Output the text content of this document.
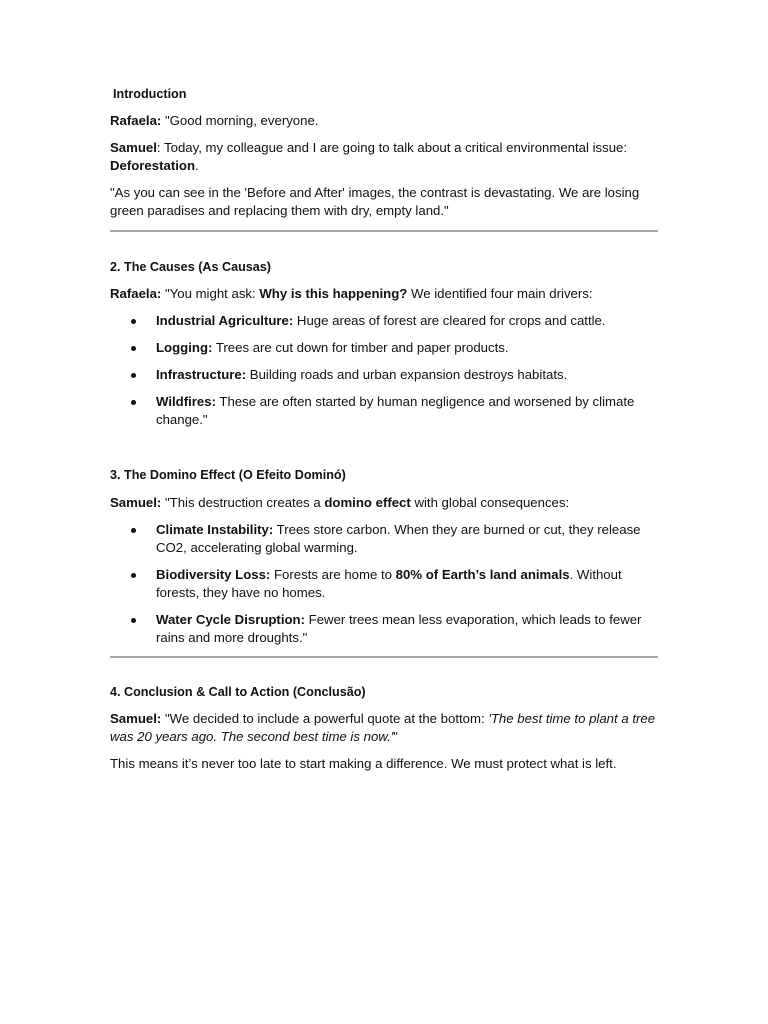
Introduction

Rafaela: "Good morning, everyone.

Samuel: Today, my colleague and I are going to talk about a critical environmental issue: Deforestation.

"As you can see in the 'Before and After' images, the contrast is devastating. We are losing green paradises and replacing them with dry, empty land."

2. The Causes (As Causas)

Rafaela: "You might ask: Why is this happening? We identified four main drivers:

Industrial Agriculture: Huge areas of forest are cleared for crops and cattle.
Logging: Trees are cut down for timber and paper products.
Infrastructure: Building roads and urban expansion destroys habitats.
Wildfires: These are often started by human negligence and worsened by climate change."

3. The Domino Effect (O Efeito Dominó)

Samuel: "This destruction creates a domino effect with global consequences:

Climate Instability: Trees store carbon. When they are burned or cut, they release CO2, accelerating global warming.
Biodiversity Loss: Forests are home to 80% of Earth’s land animals. Without forests, they have no homes.
Water Cycle Disruption: Fewer trees mean less evaporation, which leads to fewer rains and more droughts."

4. Conclusion & Call to Action (Conclusão)

Samuel: "We decided to include a powerful quote at the bottom: 'The best time to plant a tree was 20 years ago. The second best time is now.'"

This means it’s never too late to start making a difference. We must protect what is left.
